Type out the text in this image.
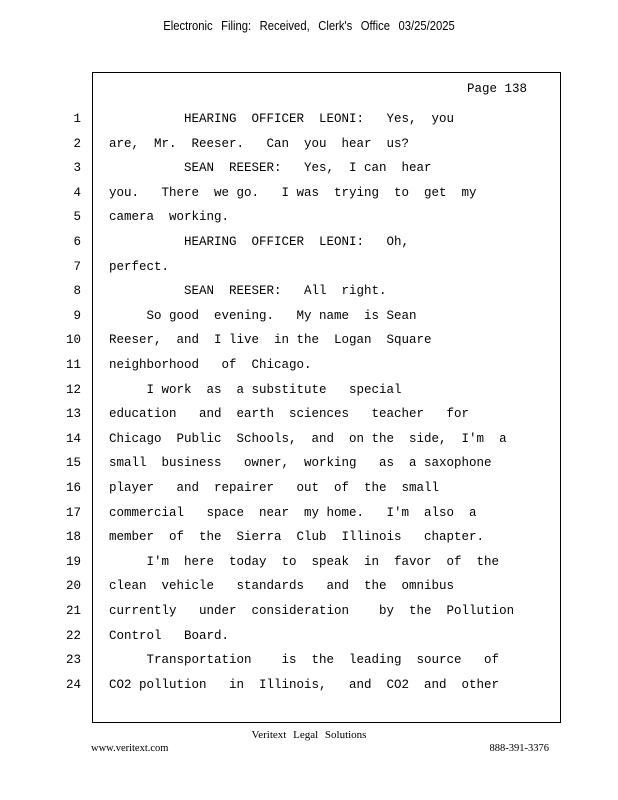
Electronic Filing: Received, Clerk's Office 03/25/2025
Page 138
1 HEARING  OFFICER  LEONI:   Yes,  you
2 are,  Mr.  Reeser.   Can  you  hear  us?
3 SEAN  REESER:   Yes,  I can  hear
4 you.   There  we go.   I was  trying  to  get  my
5 camera  working.
6 HEARING  OFFICER  LEONI:   Oh,
7 perfect.
8 SEAN  REESER:   All  right.
9 So good  evening.   My name  is Sean
10 Reeser,  and  I live  in the  Logan  Square
11 neighborhood   of  Chicago.
12 I work  as  a substitute   special
13 education   and  earth  sciences   teacher   for
14 Chicago  Public  Schools,  and  on the  side,  I'm  a
15 small  business   owner,  working   as  a saxophone
16 player   and  repairer   out  of  the  small
17 commercial   space  near  my home.   I'm  also  a
18 member  of  the  Sierra  Club  Illinois   chapter.
19 I'm  here  today  to  speak  in  favor  of  the
20 clean  vehicle   standards   and  the  omnibus
21 currently   under  consideration    by  the  Pollution
22 Control   Board.
23 Transportation    is  the  leading  source   of
24 CO2 pollution   in  Illinois,   and  CO2  and  other
Veritext Legal Solutions
www.veritext.com	888-391-3376
